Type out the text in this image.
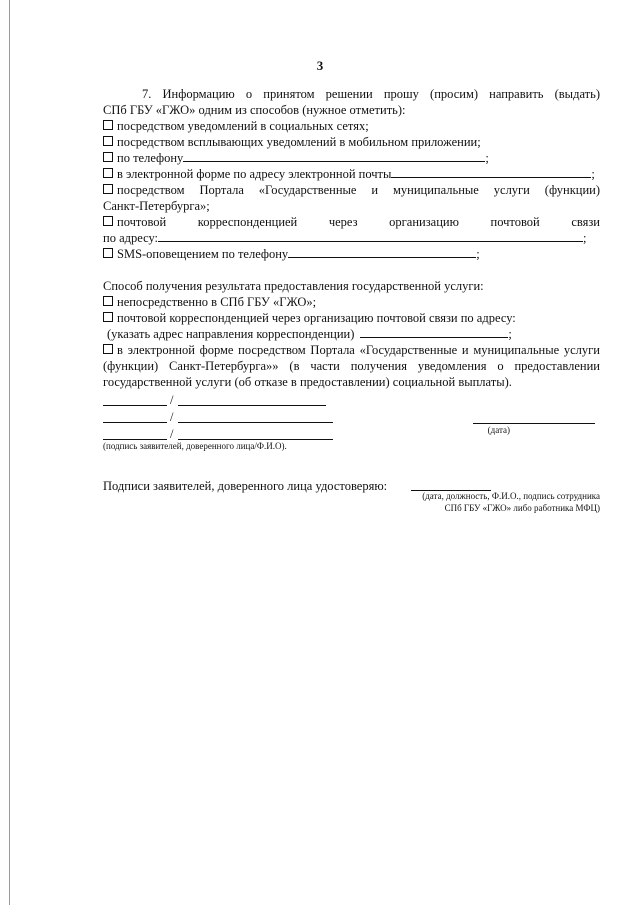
3
7. Информацию о принятом решении прошу (просим) направить (выдать)
СПб ГБУ «ГЖО» одним из способов (нужное отметить):
посредством уведомлений в социальных сетях;
посредством всплывающих уведомлений в мобильном приложении;
по телефону	;
в электронной форме по адресу электронной почты	;
посредством Портала «Государственные и муниципальные услуги (функции)
Санкт-Петербурга»;
почтовой корреспонденцией через организацию почтовой связи
по адресу:	;
SMS-оповещением по телефону	;
Способ получения результата предоставления государственной услуги:
непосредственно в СПб ГБУ «ГЖО»;
почтовой корреспонденцией через организацию почтовой связи по адресу:
(указать адрес направления корреспонденции)	;
в электронной форме посредством Портала «Государственные и муниципальные услуги
(функции) Санкт-Петербурга»» (в части получения уведомления о предоставлении
государственной услуги (об отказе в предоставлении) социальной выплаты).
/
/
(дата)
/
(подпись заявителей, доверенного лица/Ф.И.О).
Подписи заявителей, доверенного лица удостоверяю:
(дата, должность, Ф.И.О., подпись сотрудника
СПб ГБУ «ГЖО» либо работника МФЦ)
